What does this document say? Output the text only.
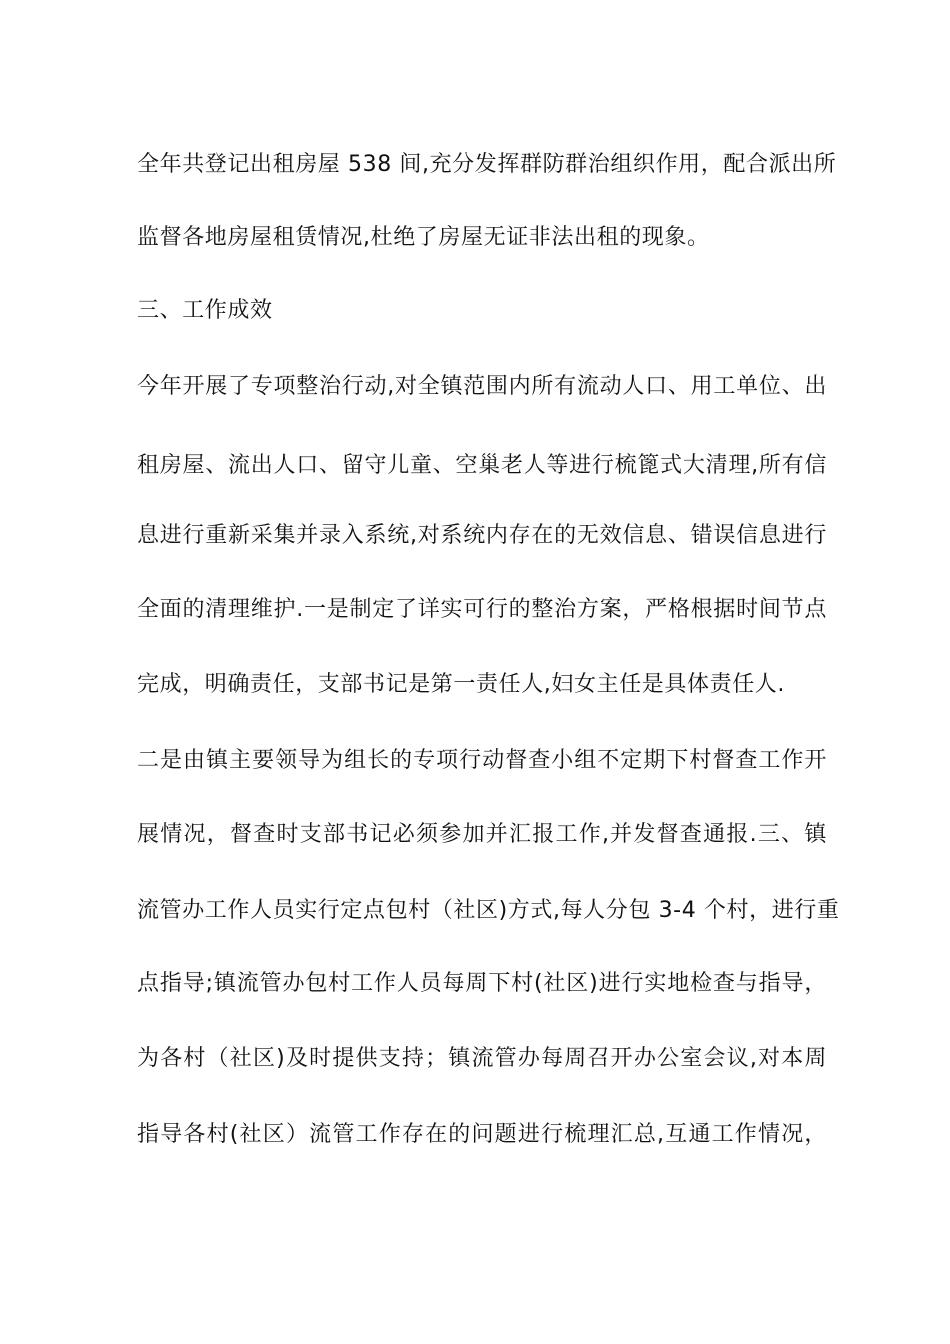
全年共登记出租房屋 538 间,充分发挥群防群治组织作用，配合派出所
监督各地房屋租赁情况,杜绝了房屋无证非法出租的现象。
三、工作成效
今年开展了专项整治行动,对全镇范围内所有流动人口、用工单位、出
租房屋、流出人口、留守儿童、空巢老人等进行梳篦式大清理,所有信
息进行重新采集并录入系统,对系统内存在的无效信息、错误信息进行
全面的清理维护.一是制定了详实可行的整治方案，严格根据时间节点
完成，明确责任，支部书记是第一责任人,妇女主任是具体责任人.
二是由镇主要领导为组长的专项行动督查小组不定期下村督查工作开
展情况，督查时支部书记必须参加并汇报工作,并发督查通报.三、镇
流管办工作人员实行定点包村（社区)方式,每人分包 3-4 个村，进行重
点指导;镇流管办包村工作人员每周下村(社区)进行实地检查与指导，
为各村（社区)及时提供支持；镇流管办每周召开办公室会议,对本周
指导各村(社区）流管工作存在的问题进行梳理汇总,互通工作情况，
